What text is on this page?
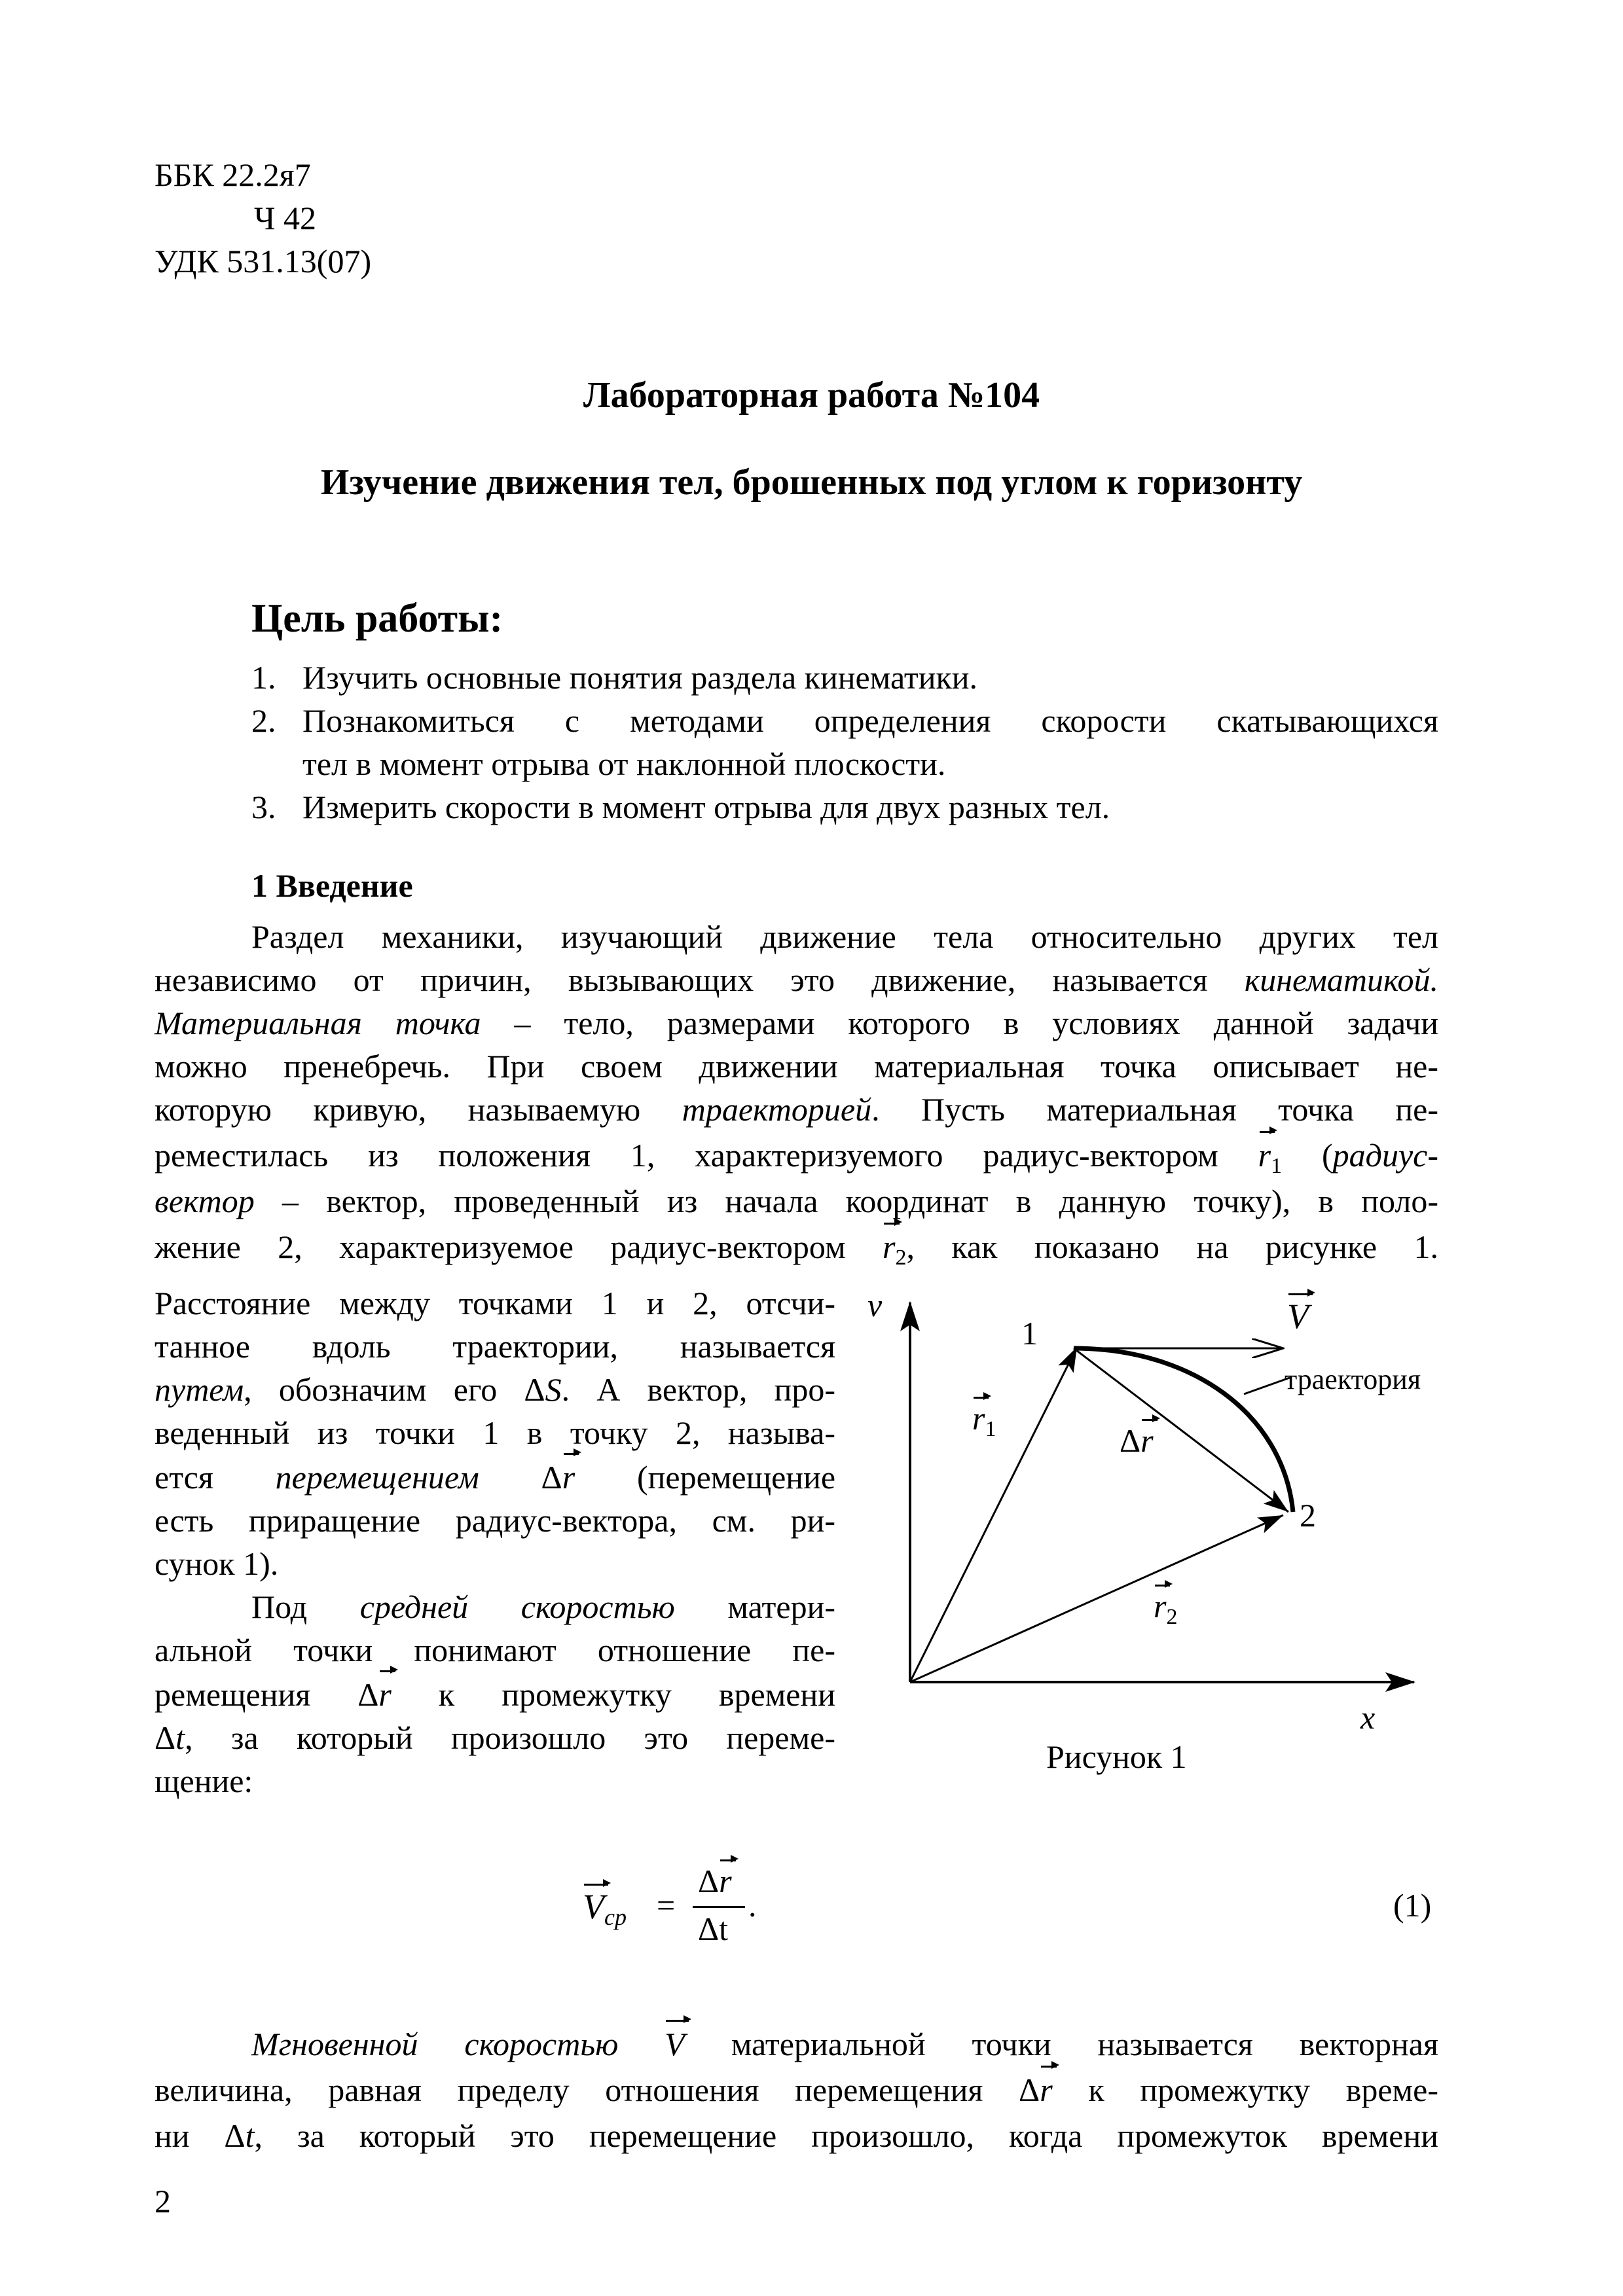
ББК 22.2я7
Ч 42
УДК 531.13(07)
Лабораторная работа №104
Изучение движения тел, брошенных под углом к горизонту
Цель работы:
1. Изучить основные понятия раздела кинематики.
2. Познакомиться с методами определения скорости скатывающихся
тел в момент отрыва от наклонной плоскости.
3. Измерить скорости в момент отрыва для двух разных тел.
1 Введение
Раздел механики, изучающий движение тела относительно других тел
независимо от причин, вызывающих это движение, называется кинематикой.
Материальная точка – тело, размерами которого в условиях данной задачи
можно пренебречь. При своем движении материальная точка описывает не-
которую кривую, называемую траекторией. Пусть материальная точка пе-
реместилась из положения 1, характеризуемого радиус-вектором $r_1$ (радиус-
вектор – вектор, проведенный из начала координат в данную точку), в поло-
жение 2, характеризуемое радиус-вектором $r_2$, как показано на рисунке 1.
Расстояние между точками 1 и 2, отсчи-
танное вдоль траектории, называется
путем, обозначим его ΔS. А вектор, про-
веденный из точки 1 в точку 2, называ-
ется перемещением Δr (перемещение
есть приращение радиус-вектора, см. ри-
сунок 1).
Под средней скоростью матери-
альной точки понимают отношение пе-
ремещения Δr к промежутку времени
Δt, за который произошло это переме-
щение:
v
x
1
2
V
траектория
$r_1$
$r_2$
Δr
Рисунок 1
$V_{ср}$ =
Δr
Δt
.	(1)
Мгновенной скоростью V материальной точки называется векторная
величина, равная пределу отношения перемещения Δr к промежутку време-
ни Δt, за который это перемещение произошло, когда промежуток времени
2
